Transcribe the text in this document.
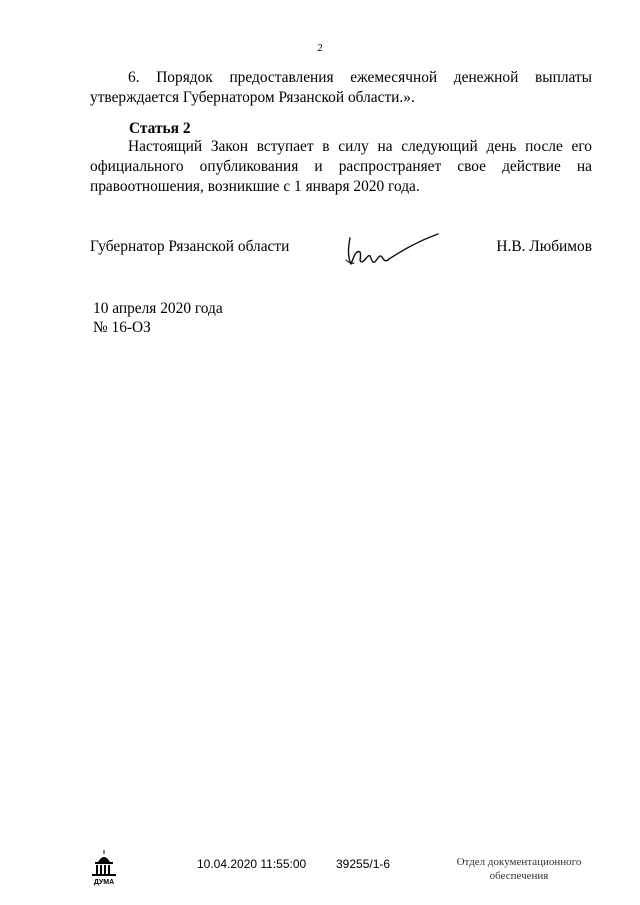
2
6. Порядок предоставления ежемесячной денежной выплаты утверждается Губернатором Рязанской области.».
Статья 2
Настоящий Закон вступает в силу на следующий день после его официального опубликования и распространяет свое действие на правоотношения, возникшие с 1 января 2020 года.
Губернатор Рязанской области	Н.В. Любимов
10 апреля 2020 года
№ 16-ОЗ
ДУМА
10.04.2020 11:55:00 39255/1-6	Отдел документационного
обеспечения
